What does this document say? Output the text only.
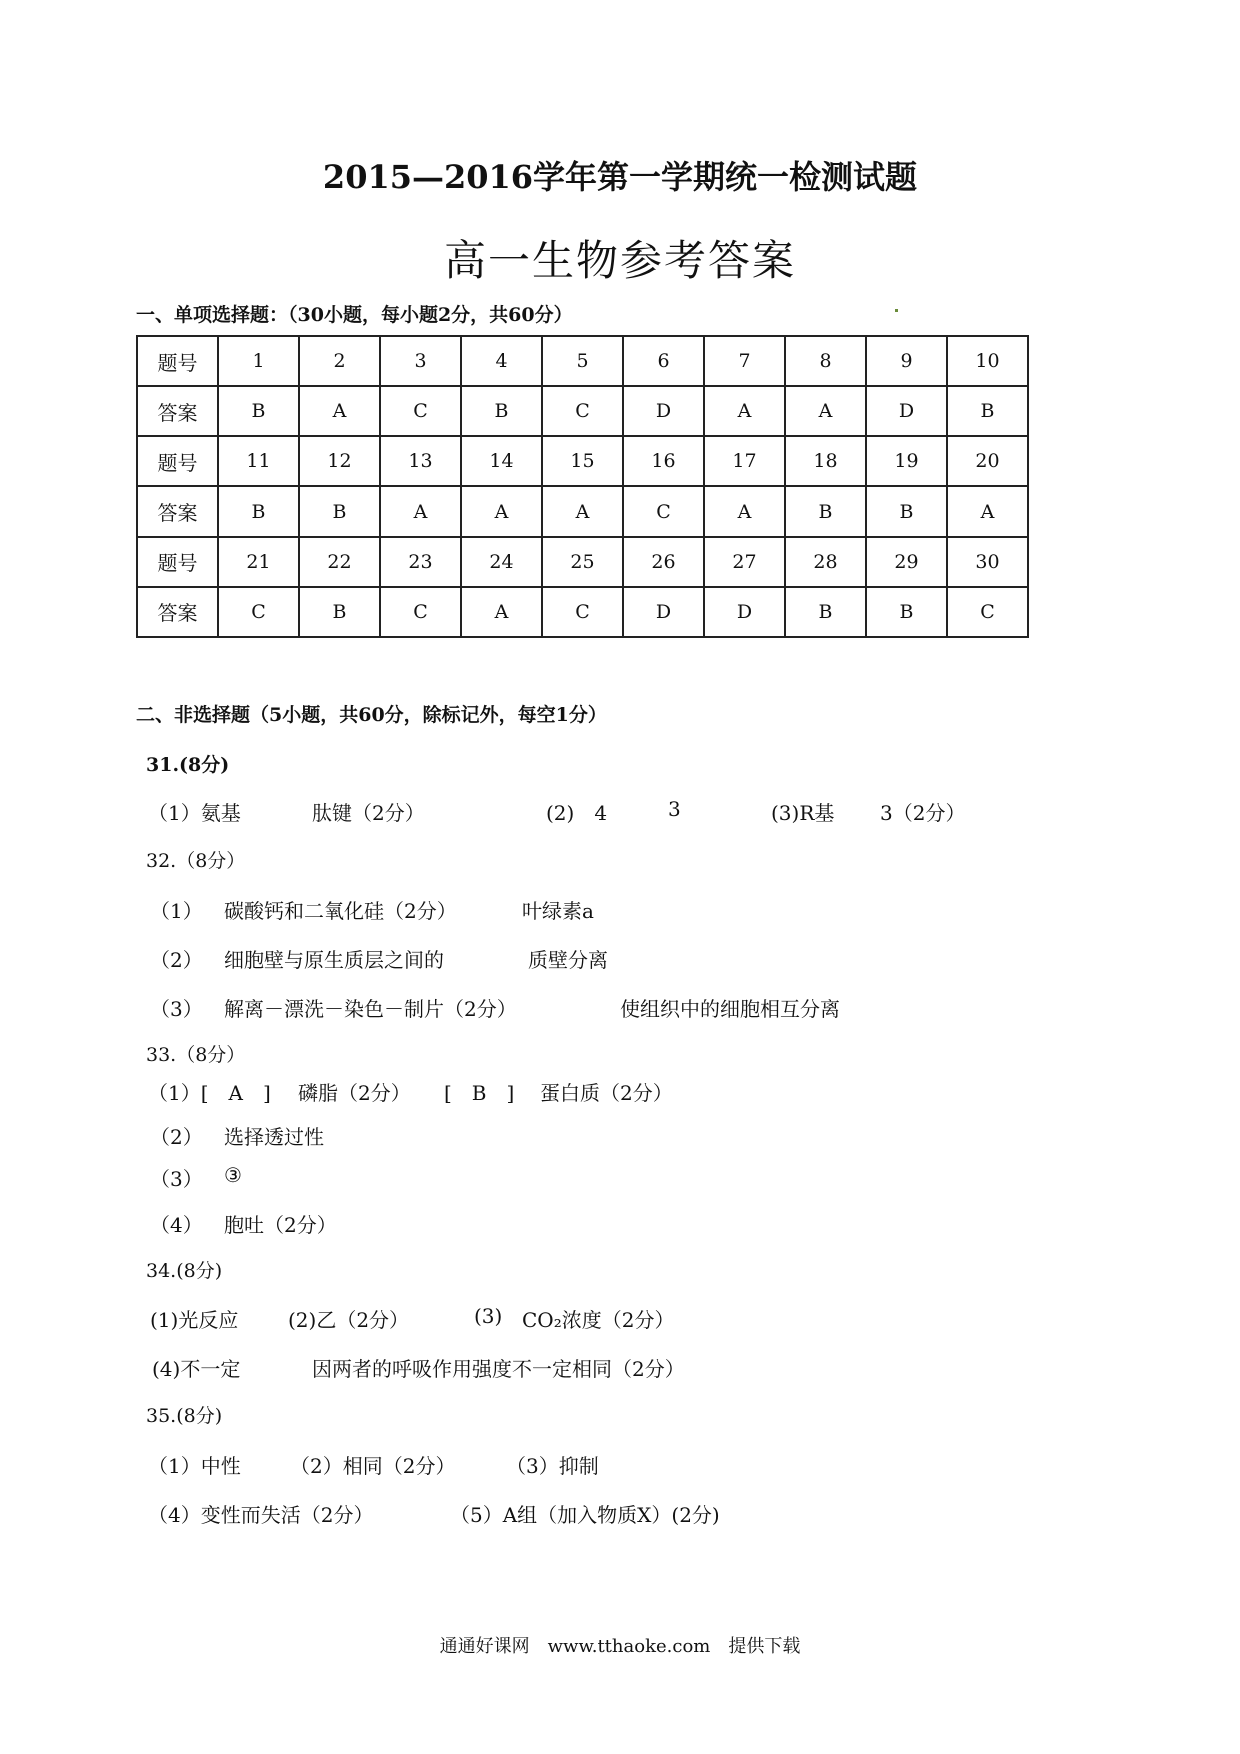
2015—2016学年第一学期统一检测试题
高一生物参考答案
一、单项选择题：（30小题，每小题2分，共60分）
题号	1	2	3	4	5	6	7	8	9	10
答案	B	A	C	B	C	D	A	A	D	B
题号	11	12	13	14	15	16	17	18	19	20
答案	B	B	A	A	A	C	A	B	B	A
题号	21	22	23	24	25	26	27	28	29	30
答案	C	B	C	A	C	D	D	B	B	C
二、非选择题（5小题，共60分，除标记外，每空1分）
31.(8分)
（1）氨基	肽键（2分）	(2)　4	3	(3)R基 3（2分）
32.（8分）
（1） 碳酸钙和二氧化硅（2分）	叶绿素a
（2） 细胞壁与原生质层之间的	质壁分离
（3） 解离－漂洗－染色－制片（2分）	使组织中的细胞相互分离
33.（8分）
（1）[　A　] 磷脂（2分） [　B　] 蛋白质（2分）
（2） 选择透过性
（3） ③
（4） 胞吐（2分）
34.(8分)
(1)光反应 (2)乙（2分）	(3) CO₂浓度（2分）
(4)不一定	因两者的呼吸作用强度不一定相同（2分）
35.(8分)
（1）中性 （2）相同（2分）	（3）抑制
（4）变性而失活（2分）	（5）A组（加入物质X）(2分)
通通好课网　www.tthaoke.com　提供下载
